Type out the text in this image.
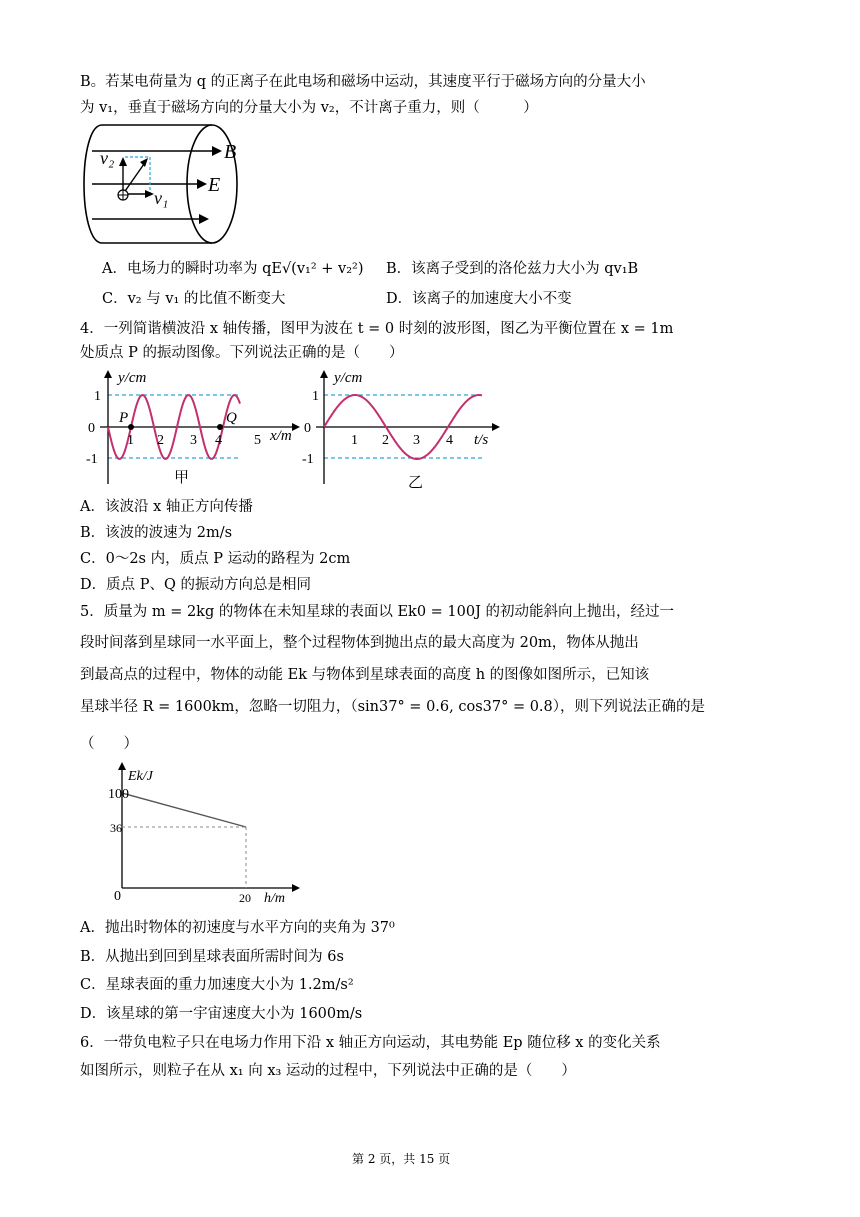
B。若某电荷量为 q 的正离子在此电场和磁场中运动，其速度平行于磁场方向的分量大小
为 v₁，垂直于磁场方向的分量大小为 v₂，不计离子重力，则（　　　）
B
E
v₂
v₁
A．电场力的瞬时功率为 qE√(v₁² + v₂²) B．该离子受到的洛伦兹力大小为 qv₁B
C．v₂ 与 v₁ 的比值不断变大	D．该离子的加速度大小不变
4．一列简谐横波沿 x 轴传播，图甲为波在 t = 0 时刻的波形图，图乙为平衡位置在 x = 1m
处质点 P 的振动图像。下列说法正确的是（　　）
y/cm
x/m
1
0
-1
1 2 3 4 5
P	Q
甲
y/cm
t/s
1
0
-1
1 2 3 4
乙
A．该波沿 x 轴正方向传播
B．该波的波速为 2m/s
C．0～2s 内，质点 P 运动的路程为 2cm
D．质点 P、Q 的振动方向总是相同
5．质量为 m = 2kg 的物体在未知星球的表面以 Ek0 = 100J 的初动能斜向上抛出，经过一
段时间落到星球同一水平面上，整个过程物体到抛出点的最大高度为 20m，物体从抛出
到最高点的过程中，物体的动能 Ek 与物体到星球表面的高度 h 的图像如图所示，已知该
星球半径 R = 1600km，忽略一切阻力，（sin37° = 0.6, cos37° = 0.8），则下列说法正确的是
（　　）
Ek/J
h/m
100
36
0	20
A．抛出时物体的初速度与水平方向的夹角为 37⁰
B．从抛出到回到星球表面所需时间为 6s
C．星球表面的重力加速度大小为 1.2m/s²
D．该星球的第一宇宙速度大小为 1600m/s
6．一带负电粒子只在电场力作用下沿 x 轴正方向运动，其电势能 Ep 随位移 x 的变化关系
如图所示，则粒子在从 x₁ 向 x₃ 运动的过程中，下列说法中正确的是（　　）
第 2 页，共 15 页
